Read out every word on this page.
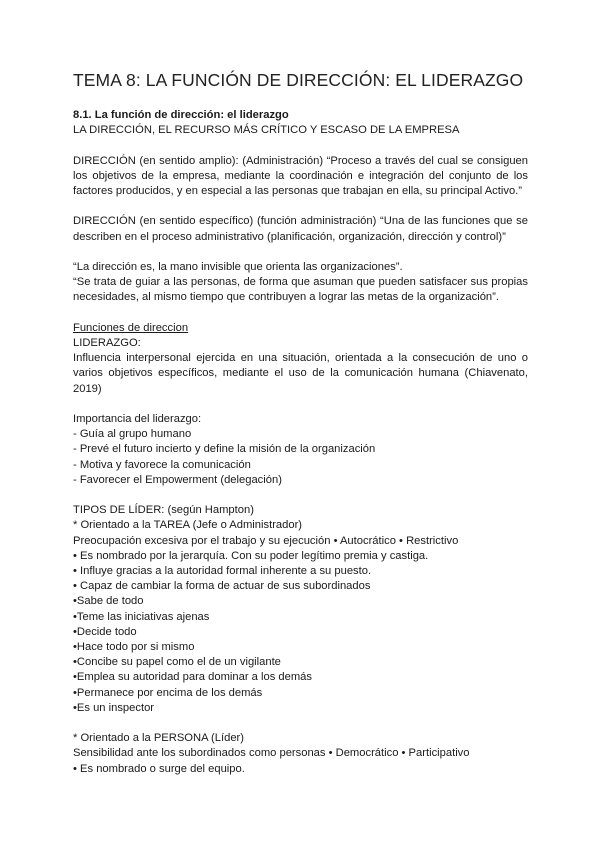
TEMA 8: LA FUNCIÓN DE DIRECCIÓN: EL LIDERAZGO

8.1. La función de dirección: el liderazgo

LA DIRECCIÓN, EL RECURSO MÁS CRÍTICO Y ESCASO DE LA EMPRESA

DIRECCIÓN (en sentido amplio): (Administración) “Proceso a través del cual se consiguen los objetivos de la empresa, mediante la coordinación e integración del conjunto de los factores producidos, y en especial a las personas que trabajan en ella, su principal Activo.”

DIRECCIÓN (en sentido específico) (función administración) “Una de las funciones que se describen en el proceso administrativo (planificación, organización, dirección y control)”

“La dirección es, la mano invisible que orienta las organizaciones”.

“Se trata de guiar a las personas, de forma que asuman que pueden satisfacer sus propias necesidades, al mismo tiempo que contribuyen a lograr las metas de la organización”.

Funciones de direccion

LIDERAZGO:

Influencia interpersonal ejercida en una situación, orientada a la consecución de uno o varios objetivos específicos, mediante el uso de la comunicación humana (Chiavenato, 2019)

Importancia del liderazgo:

- Guía al grupo humano

- Prevé el futuro incierto y define la misión de la organización

- Motiva y favorece la comunicación

- Favorecer el Empowerment (delegación)

TIPOS DE LÍDER: (según Hampton)

* Orientado a la TAREA (Jefe o Administrador)

Preocupación excesiva por el trabajo y su ejecución • Autocrático • Restrictivo

• Es nombrado por la jerarquía. Con su poder legítimo premia y castiga.

• Influye gracias a la autoridad formal inherente a su puesto.

• Capaz de cambiar la forma de actuar de sus subordinados

•Sabe de todo

•Teme las iniciativas ajenas

•Decide todo

•Hace todo por si mismo

•Concibe su papel como el de un vigilante

•Emplea su autoridad para dominar a los demás

•Permanece por encima de los demás

•Es un inspector

* Orientado a la PERSONA (Líder)

Sensibilidad ante los subordinados como personas • Democrático • Participativo

• Es nombrado o surge del equipo.
